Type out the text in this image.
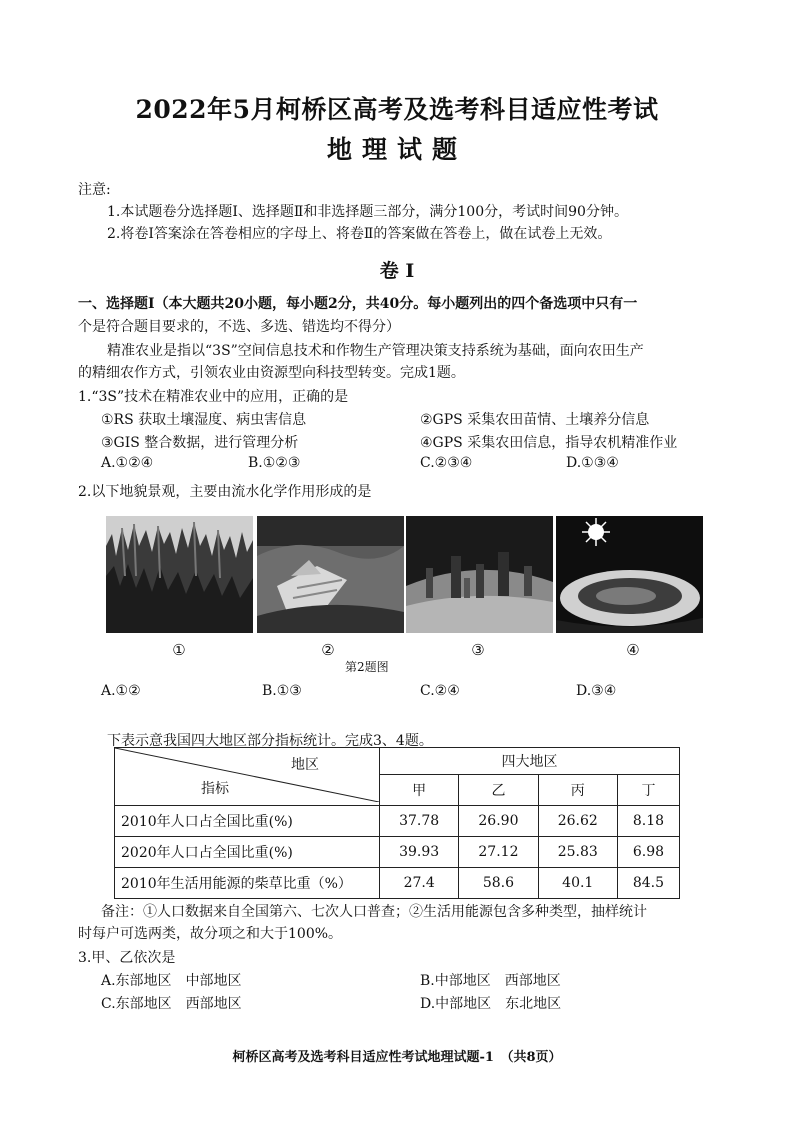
2022年5月柯桥区高考及选考科目适应性考试
地理试题
注意:
1.本试题卷分选择题Ⅰ、选择题Ⅱ和非选择题三部分，满分100分，考试时间90分钟。
2.将卷Ⅰ答案涂在答卷相应的字母上、将卷Ⅱ的答案做在答卷上，做在试卷上无效。
卷 Ⅰ
一、选择题Ⅰ（本大题共20小题，每小题2分，共40分。每小题列出的四个备选项中只有一
个是符合题目要求的，不选、多选、错选均不得分）
精准农业是指以“3S”空间信息技术和作物生产管理决策支持系统为基础，面向农田生产
的精细农作方式，引领农业由资源型向科技型转变。完成1题。
1.“3S”技术在精准农业中的应用，正确的是
①RS 获取土壤湿度、病虫害信息	②GPS 采集农田苗情、土壤养分信息
③GIS 整合数据，进行管理分析	④GPS 采集农田信息，指导农机精准作业
A.①②④	B.①②③	C.②③④	D.①③④
2.以下地貌景观，主要由流水化学作用形成的是
①	②	③	④
第2题图
A.①②	B.①③	C.②④	D.③④
下表示意我国四大地区部分指标统计。完成3、4题。
地区
指标	四大地区			
	甲	乙	丙	丁
2010年人口占全国比重(%)	37.78	26.90	26.62	8.18
2020年人口占全国比重(%)	39.93	27.12	25.83	6.98
2010年生活用能源的柴草比重（%）	27.4	58.6	40.1	84.5
备注：①人口数据来自全国第六、七次人口普查；②生活用能源包含多种类型，抽样统计
时每户可选两类，故分项之和大于100%。
3.甲、乙依次是
A.东部地区　中部地区	B.中部地区　西部地区
C.东部地区　西部地区	D.中部地区　东北地区
柯桥区高考及选考科目适应性考试地理试题-1　（共8页）
